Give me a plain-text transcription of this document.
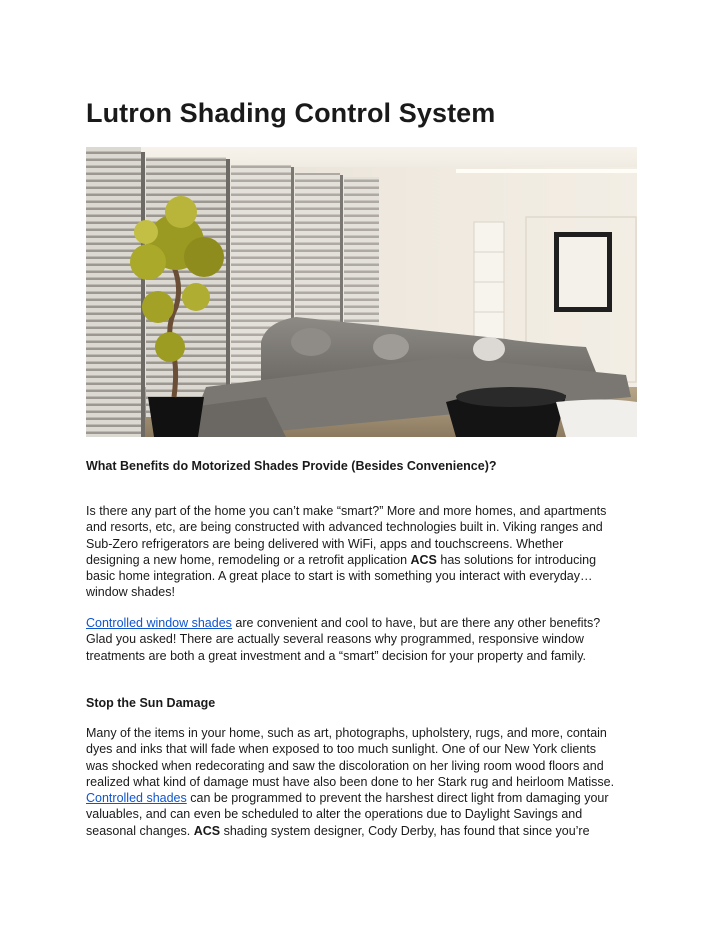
Lutron Shading Control System

What Benefits do Motorized Shades Provide (Besides Convenience)?

Is there any part of the home you can’t make “smart?” More and more homes, and apartments
and resorts, etc, are being constructed with advanced technologies built in. Viking ranges and
Sub-Zero refrigerators are being delivered with WiFi, apps and touchscreens. Whether
designing a new home, remodeling or a retrofit application ACS has solutions for introducing
basic home integration. A great place to start is with something you interact with everyday…
window shades!

Controlled window shades are convenient and cool to have, but are there any other benefits?
Glad you asked! There are actually several reasons why programmed, responsive window
treatments are both a great investment and a “smart” decision for your property and family.

Stop the Sun Damage

Many of the items in your home, such as art, photographs, upholstery, rugs, and more, contain
dyes and inks that will fade when exposed to too much sunlight. One of our New York clients
was shocked when redecorating and saw the discoloration on her living room wood floors and
realized what kind of damage must have also been done to her Stark rug and heirloom Matisse.
Controlled shades can be programmed to prevent the harshest direct light from damaging your
valuables, and can even be scheduled to alter the operations due to Daylight Savings and
seasonal changes. ACS shading system designer, Cody Derby, has found that since you’re
